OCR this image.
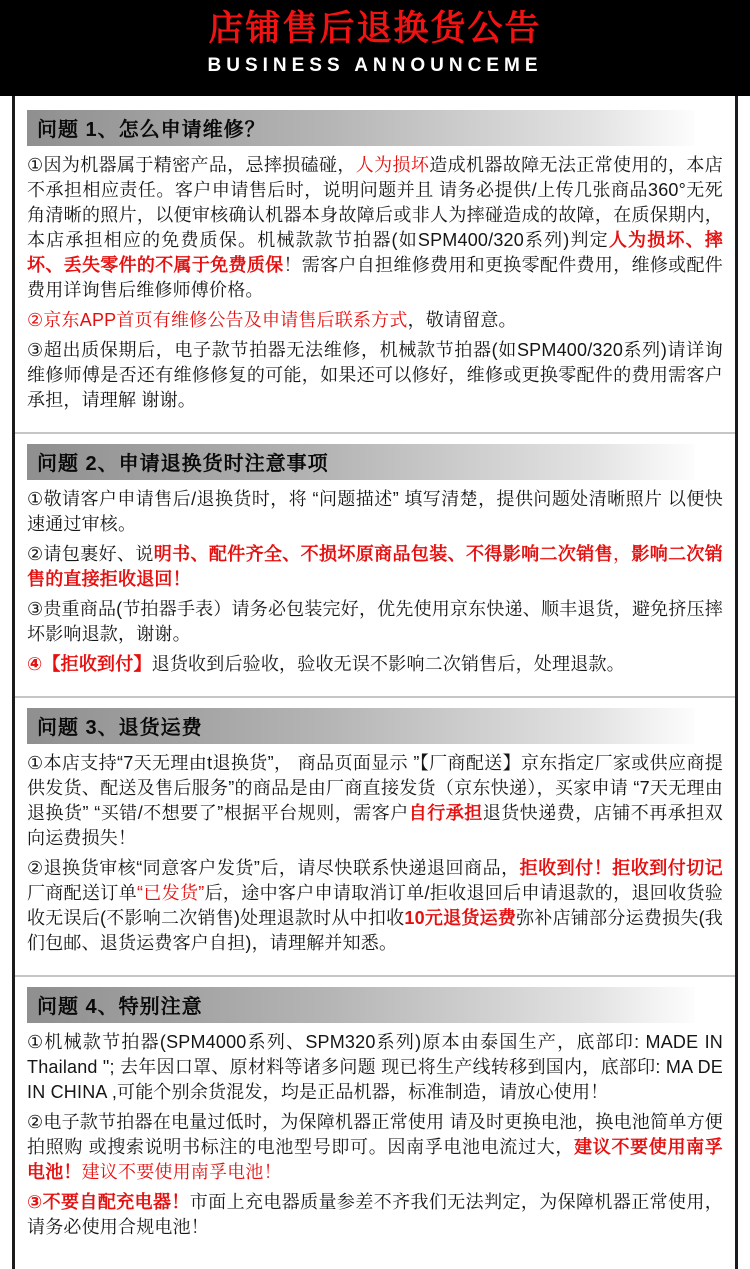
店铺售后退换货公告
BUSINESS ANNOUNCEME
问题 1、怎么申请维修？

①因为机器属于精密产品，忌摔损磕碰，人为损坏造成机器故障无法正常使用的，本店不承担相应责任。客户申请售后时，说明问题并且 请务必提供/上传几张商品360°无死角清晰的照片，以便审核确认机器本身故障后或非人为摔碰造成的故障，在质保期内，本店承担相应的免费质保。机械款款节拍器(如SPM400/320系列)判定人为损坏、摔坏、丢失零件的不属于免费质保！需客户自担维修费用和更换零配件费用，维修或配件费用详询售后维修师傅价格。

②京东APP首页有维修公告及申请售后联系方式，敬请留意。

③超出质保期后，电子款节拍器无法维修，机械款节拍器(如SPM400/320系列)请详询维修师傅是否还有维修修复的可能，如果还可以修好，维修或更换零配件的费用需客户承担，请理解 谢谢。

问题 2、申请退换货时注意事项

①敬请客户申请售后/退换货时，将 “问题描述” 填写清楚，提供问题处清晰照片 以便快速通过审核。

②请包裹好、说明书、配件齐全、不损坏原商品包装、不得影响二次销售，影响二次销售的直接拒收退回！

③贵重商品(节拍器手表）请务必包装完好，优先使用京东快递、顺丰退货，避免挤压摔坏影响退款，谢谢。

④【拒收到付】退货收到后验收，验收无误不影响二次销售后，处理退款。

问题 3、退货运费

①本店支持“7天无理由t退换货”， 商品页面显示 ”【厂商配送】京东指定厂家或供应商提供发货、配送及售后服务”的商品是由厂商直接发货（京东快递），买家申请 “7天无理由退换货” “买错/不想要了”根据平台规则，需客户自行承担退货快递费，店铺不再承担双向运费损失！

②退换货审核“同意客户发货”后，请尽快联系快递退回商品，拒收到付！拒收到付切记厂商配送订单“已发货”后，途中客户申请取消订单/拒收退回后申请退款的，退回收货验收无误后(不影响二次销售)处理退款时从中扣收10元退货运费弥补店铺部分运费损失(我们包邮、退货运费客户自担)，请理解并知悉。

问题 4、特别注意

①机械款节拍器(SPM4000系列、SPM320系列)原本由泰国生产，底部印: MADE IN Thailand "; 去年因口罩、原材料等诸多问题 现已将生产线转移到国内，底部印: MA DE IN CHINA ,可能个别余货混发，均是正品机器，标准制造，请放心使用！

②电子款节拍器在电量过低时，为保障机器正常使用 请及时更换电池，换电池简单方便 拍照购 或搜索说明书标注的电池型号即可。因南孚电池电流过大，建议不要使用南孚电池！建议不要使用南孚电池！

③不要自配充电器！市面上充电器质量参差不齐我们无法判定，为保障机器正常使用，请务必使用合规电池！
